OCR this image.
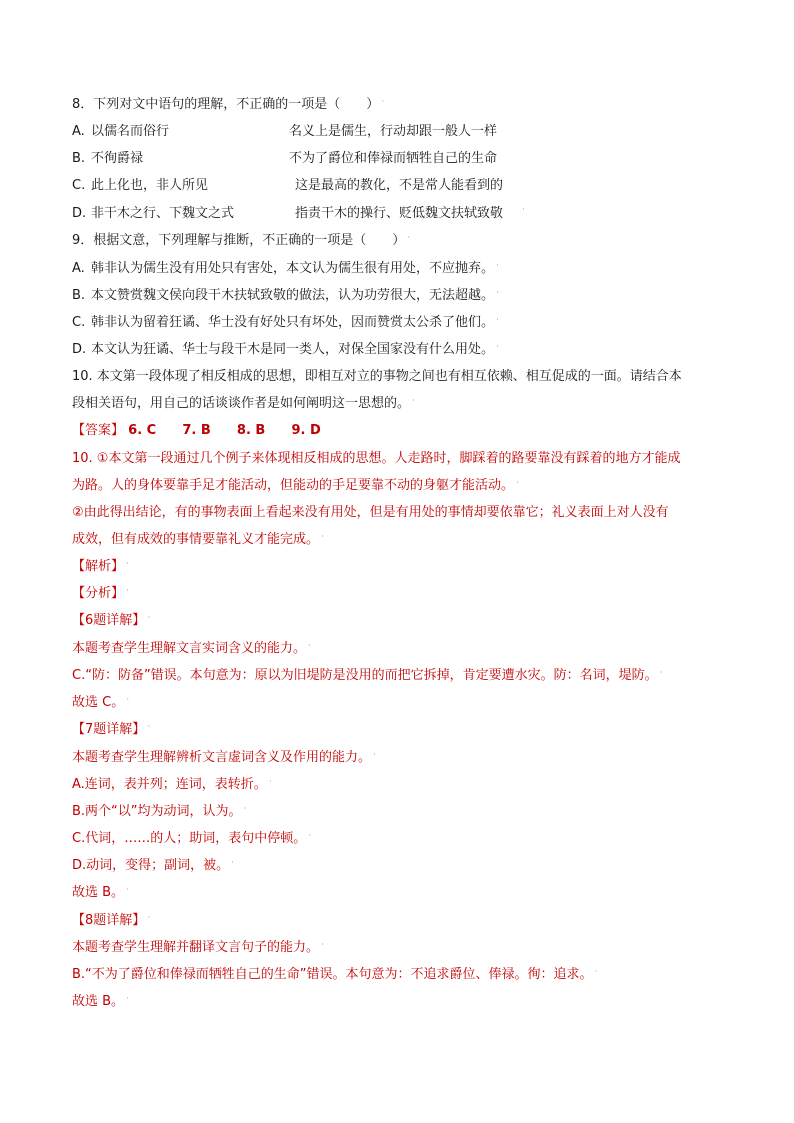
8．下列对文中语句的理解，不正确的一项是（　　）˙
A. 以儒名而俗行	名义上是儒生，行动却跟一般人一样
B. 不徇爵禄	不为了爵位和俸禄而牺牲自己的生命
C. 此上化也，非人所见	这是最高的教化，不是常人能看到的
D. 非干木之行、下魏文之式	指责干木的操行、贬低魏文扶轼致敬 ˙
9．根据文意，下列理解与推断，不正确的一项是（　　）˙
A. 韩非认为儒生没有用处只有害处，本文认为儒生很有用处，不应抛弃。˙
B. 本文赞赏魏文侯向段干木扶轼致敬的做法，认为功劳很大，无法超越。˙
C. 韩非认为留着狂谲、华士没有好处只有坏处，因而赞赏太公杀了他们。˙
D. 本文认为狂谲、华士与段干木是同一类人，对保全国家没有什么用处。˙
10. 本文第一段体现了相反相成的思想，即相互对立的事物之间也有相互依赖、相互促成的一面。请结合本
段相关语句，用自己的话谈谈作者是如何阐明这一思想的。˙
【答案】 6. C 7. B 8. B 9. D
10. ①本文第一段通过几个例子来体现相反相成的思想。人走路时，脚踩着的路要靠没有踩着的地方才能成
为路。人的身体要靠手足才能活动，但能动的手足要靠不动的身躯才能活动。˙
②由此得出结论，有的事物表面上看起来没有用处，但是有用处的事情却要依靠它；礼义表面上对人没有
成效，但有成效的事情要靠礼义才能完成。˙
【解析】˙
【分析】˙
【6题详解】˙
本题考查学生理解文言实词含义的能力。˙
C.“防：防备”错误。本句意为：原以为旧堤防是没用的而把它拆掉，肯定要遭水灾。防：名词，堤防。˙
故选 C。˙
【7题详解】˙
本题考查学生理解辨析文言虚词含义及作用的能力。˙
A.连词，表并列；连词，表转折。˙
B.两个“以”均为动词，认为。˙
C.代词，……的人；助词，表句中停顿。˙
D.动词，变得；副词，被。˙
故选 B。˙
【8题详解】˙
本题考查学生理解并翻译文言句子的能力。˙
B.“不为了爵位和俸禄而牺牲自己的生命”错误。本句意为：不追求爵位、俸禄。徇：追求。˙
故选 B。˙
